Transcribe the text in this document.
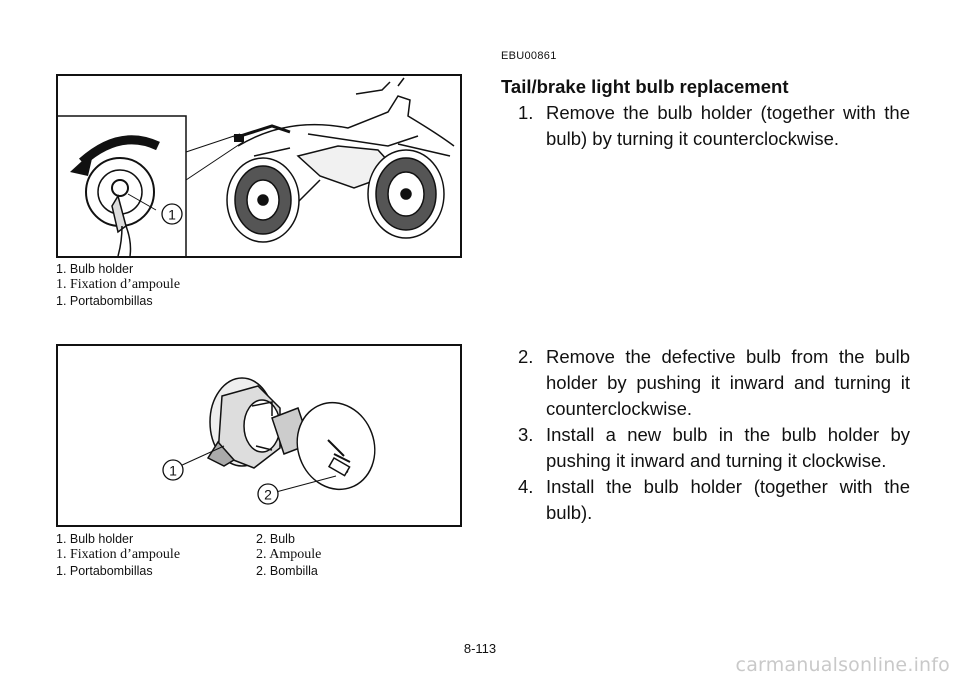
EBU00861
Tail/brake light bulb replacement
1
1. Bulb holder
1. Fixation d’ampoule
1. Portabombillas
1
2
1. Bulb holder
1. Fixation d’ampoule
1. Portabombillas
2. Bulb
2. Ampoule
2. Bombilla
1. Remove the bulb holder (together with the bulb) by turning it counterclockwise.
2. Remove the defective bulb from the bulb holder by pushing it inward and turning it counterclockwise.
3. Install a new bulb in the bulb holder by pushing it inward and turning it clockwise.
4. Install the bulb holder (together with the bulb).
8-113
carmanualsonline.info
